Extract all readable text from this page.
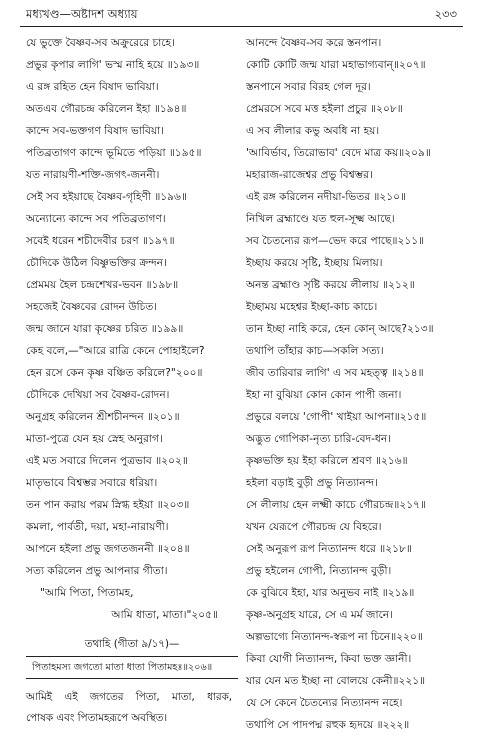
মধ্যখণ্ড—অষ্টাদশ অধ্যায়	২৩৩
যে ভুক্তে বৈষ্ণব-সব অক্রুরেরে চাহে।
প্রভুর কৃপার লাগি' ভস্ম নাহি হয়ে ॥১৯৩॥
এ রঙ্গ রহিত হেন বিষাদ ভাবিয়া।
অতএব গৌরচন্দ্র করিলেন ইহা ॥১৯৪॥
কান্দে সব-ভক্তগণ বিষাদ ভাবিয়া।
পতিব্রতাগণ কান্দে ভূমিতে পড়িয়া ॥১৯৫॥
যত নারায়ণী-শক্তি-জগৎ-জননী।
সেই সব হইয়াছে বৈষ্ণব-গৃহিণী ॥১৯৬॥
অন্যোন্যে কান্দে সব পতিব্রতাগণ।
সবেই ধরেন শচীদেবীর চরণ ॥১৯৭॥
চৌদিকে উঠিল বিষ্ণুভক্তির ক্রন্দন।
প্রেমময় হৈল চন্দ্রশেখর-ভবন ॥১৯৮॥
সহজেই বৈষ্ণবের রোদন উচিত।
জন্ম জানে যারা কৃষ্ণের চরিত ॥১৯৯॥
কেহ বলে,—"আরে রাত্রি কেনে পোহাইলে?
হেন রসে কেন কৃষ্ণ বঞ্চিত করিলে?"২০০॥
চৌদিকে দেখিয়া সব বৈষ্ণব-রোদন।
অনুগ্রহ করিলেন শ্রীশচীনন্দন ॥২০১॥
মাতা-পুত্রে যেন হয় স্নেহ অনুরাগ।
এই মত সবারে দিলেন পুত্রভাব ॥২০২॥
মাতৃভাবে বিশ্বম্ভর সবারে ধরিয়া।
তন পান করায় পরম স্নিগ্ধ হইয়া ॥২০৩॥
কমলা, পার্বতী, দয়া, মহা-নারায়ণী।
আপনে হইলা প্রভু জগতজননী ॥২০৪॥
সত্য করিলেন প্রভু আপনার গীতা।
"আমি পিতা, পিতামহ,
আমি ধাতা, মাতা।"২০৫॥
তথাহি (গীতা ৯/১৭)—
পিতাহমস্য জগতো মাতা ধাতা পিতামহঃ॥২০৬॥
আমিই এই জগতের পিতা, মাতা, ধারক,
পোষক এবং পিতামহরূপে অবস্থিত।
আনন্দে বৈষ্ণব-সব করে স্তনপান।
কোটি কোটি জন্ম যারা মহাভাগ্যবান্॥২০৭॥
স্তনপানে সবার বিরহ গেল দূর।
প্রেমরসে সবে মত্ত হইলা প্রচুর ॥২০৮॥
এ সব লীলার কভু অবধি না হয়।
'আবির্ভাব, তিরোভাব' বেদে মাত্র কয়॥২০৯॥
মহারাজ-রাজেশ্বর প্রভু বিশ্বম্ভর।
এই রঙ্গ করিলেন নদীয়া-ভিতর ॥২১০॥
নিখিল ব্রহ্মাণ্ডে যত হুল-সূক্ষ্ম আছে।
সব চৈতন্যের রূপ—ভেদ করে পাছে॥২১১॥
ইচ্ছায় করয়ে সৃষ্টি, ইচ্ছায় মিলায়।
অনন্ত ব্রহ্মাণ্ড সৃষ্টি করয়ে লীলায় ॥২১২॥
ইচ্ছাময় মহেশ্বর ইচ্ছা-কাচ কাচে।
তান ইচ্ছা নাহি করে, হেন কোন্ আছে?২১৩॥
তথাপি তাঁহার কাচ—সকলি সত্য।
জীব তারিবার লাগি' এ সব মহত্ত্ব ॥২১৪॥
ইহা না বুঝিয়া কোন কোন পাপী জনা।
প্রভুরে বলয়ে 'গোপী' খাইয়া আপনা॥২১৫॥
অদ্ভুত গোপিকা-নৃত্য চারি-বেদ-ধন।
কৃষ্ণভক্তি হয় ইহা করিলে শ্রবণ ॥২১৬॥
হইলা বড়াই বুড়ী প্রভু নিত্যানন্দ।
সে লীলায় হেন লক্ষ্মী কাচে গৌরচন্দ্র॥২১৭॥
যখন যেরূপে গৌরচন্দ্র যে বিহরে।
সেই অনুরূপ রূপ নিত্যানন্দ ধরে ॥২১৮॥
প্রভু হইলেন গোপী, নিত্যানন্দ বুড়ী।
কে বুঝিবে ইহা, যার অনুভব নাই ॥২১৯॥
কৃষ্ণ-অনুগ্রহ যারে, সে এ মর্ম জানে।
অল্পভাগ্যে নিত্যানন্দ-স্বরূপ না চিনে॥২২০॥
কিবা যোগী নিত্যানন্দ, কিবা ভক্ত জ্ঞানী।
যার যেন মত ইচ্ছা না বোলয়ে কেনী॥২২১॥
যে সে কেনে চৈতন্যের নিত্যানন্দ নহে।
তথাপি সে পাদপদ্ম রহুক হৃদয়ে ॥২২২॥
